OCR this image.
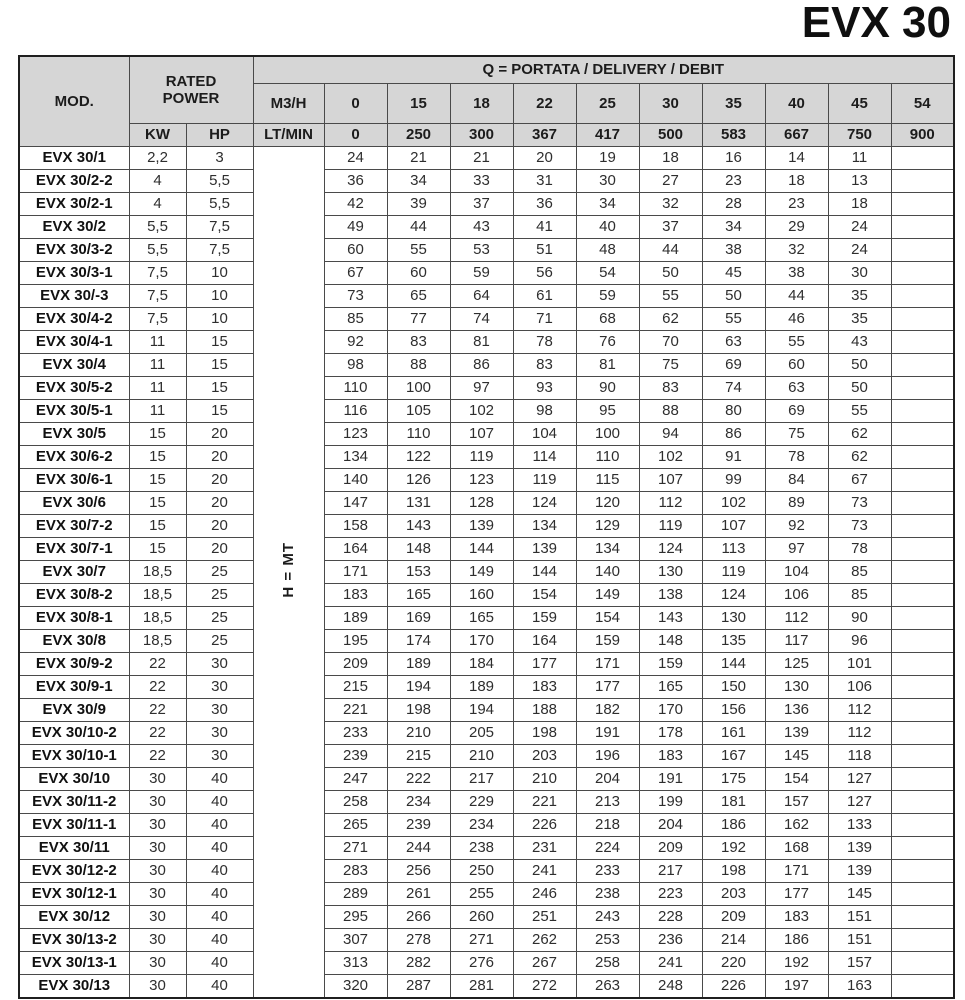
EVX 30
MOD.	RATED POWER		Q = PORTATA / DELIVERY / DEBIT										
			M3/H	0	15	18	22	25	30	35	40	45	54
	KW	HP	LT/MIN	0	250	300	367	417	500	583	667	750	900
EVX 30/1	2,2	3	H = MT	24	21	21	20	19	18	16	14	11	
EVX 30/2-2	4	5,5		36	34	33	31	30	27	23	18	13	
EVX 30/2-1	4	5,5		42	39	37	36	34	32	28	23	18	
EVX 30/2	5,5	7,5		49	44	43	41	40	37	34	29	24	
EVX 30/3-2	5,5	7,5		60	55	53	51	48	44	38	32	24	
EVX 30/3-1	7,5	10		67	60	59	56	54	50	45	38	30	
EVX 30/-3	7,5	10		73	65	64	61	59	55	50	44	35	
EVX 30/4-2	7,5	10		85	77	74	71	68	62	55	46	35	
EVX 30/4-1	11	15		92	83	81	78	76	70	63	55	43	
EVX 30/4	11	15		98	88	86	83	81	75	69	60	50	
EVX 30/5-2	11	15		110	100	97	93	90	83	74	63	50	
EVX 30/5-1	11	15		116	105	102	98	95	88	80	69	55	
EVX 30/5	15	20		123	110	107	104	100	94	86	75	62	
EVX 30/6-2	15	20		134	122	119	114	110	102	91	78	62	
EVX 30/6-1	15	20		140	126	123	119	115	107	99	84	67	
EVX 30/6	15	20		147	131	128	124	120	112	102	89	73	
EVX 30/7-2	15	20		158	143	139	134	129	119	107	92	73	
EVX 30/7-1	15	20		164	148	144	139	134	124	113	97	78	
EVX 30/7	18,5	25		171	153	149	144	140	130	119	104	85	
EVX 30/8-2	18,5	25		183	165	160	154	149	138	124	106	85	
EVX 30/8-1	18,5	25		189	169	165	159	154	143	130	112	90	
EVX 30/8	18,5	25		195	174	170	164	159	148	135	117	96	
EVX 30/9-2	22	30		209	189	184	177	171	159	144	125	101	
EVX 30/9-1	22	30		215	194	189	183	177	165	150	130	106	
EVX 30/9	22	30		221	198	194	188	182	170	156	136	112	
EVX 30/10-2	22	30		233	210	205	198	191	178	161	139	112	
EVX 30/10-1	22	30		239	215	210	203	196	183	167	145	118	
EVX 30/10	30	40		247	222	217	210	204	191	175	154	127	
EVX 30/11-2	30	40		258	234	229	221	213	199	181	157	127	
EVX 30/11-1	30	40		265	239	234	226	218	204	186	162	133	
EVX 30/11	30	40		271	244	238	231	224	209	192	168	139	
EVX 30/12-2	30	40		283	256	250	241	233	217	198	171	139	
EVX 30/12-1	30	40		289	261	255	246	238	223	203	177	145	
EVX 30/12	30	40		295	266	260	251	243	228	209	183	151	
EVX 30/13-2	30	40		307	278	271	262	253	236	214	186	151	
EVX 30/13-1	30	40		313	282	276	267	258	241	220	192	157	
EVX 30/13	30	40		320	287	281	272	263	248	226	197	163	
